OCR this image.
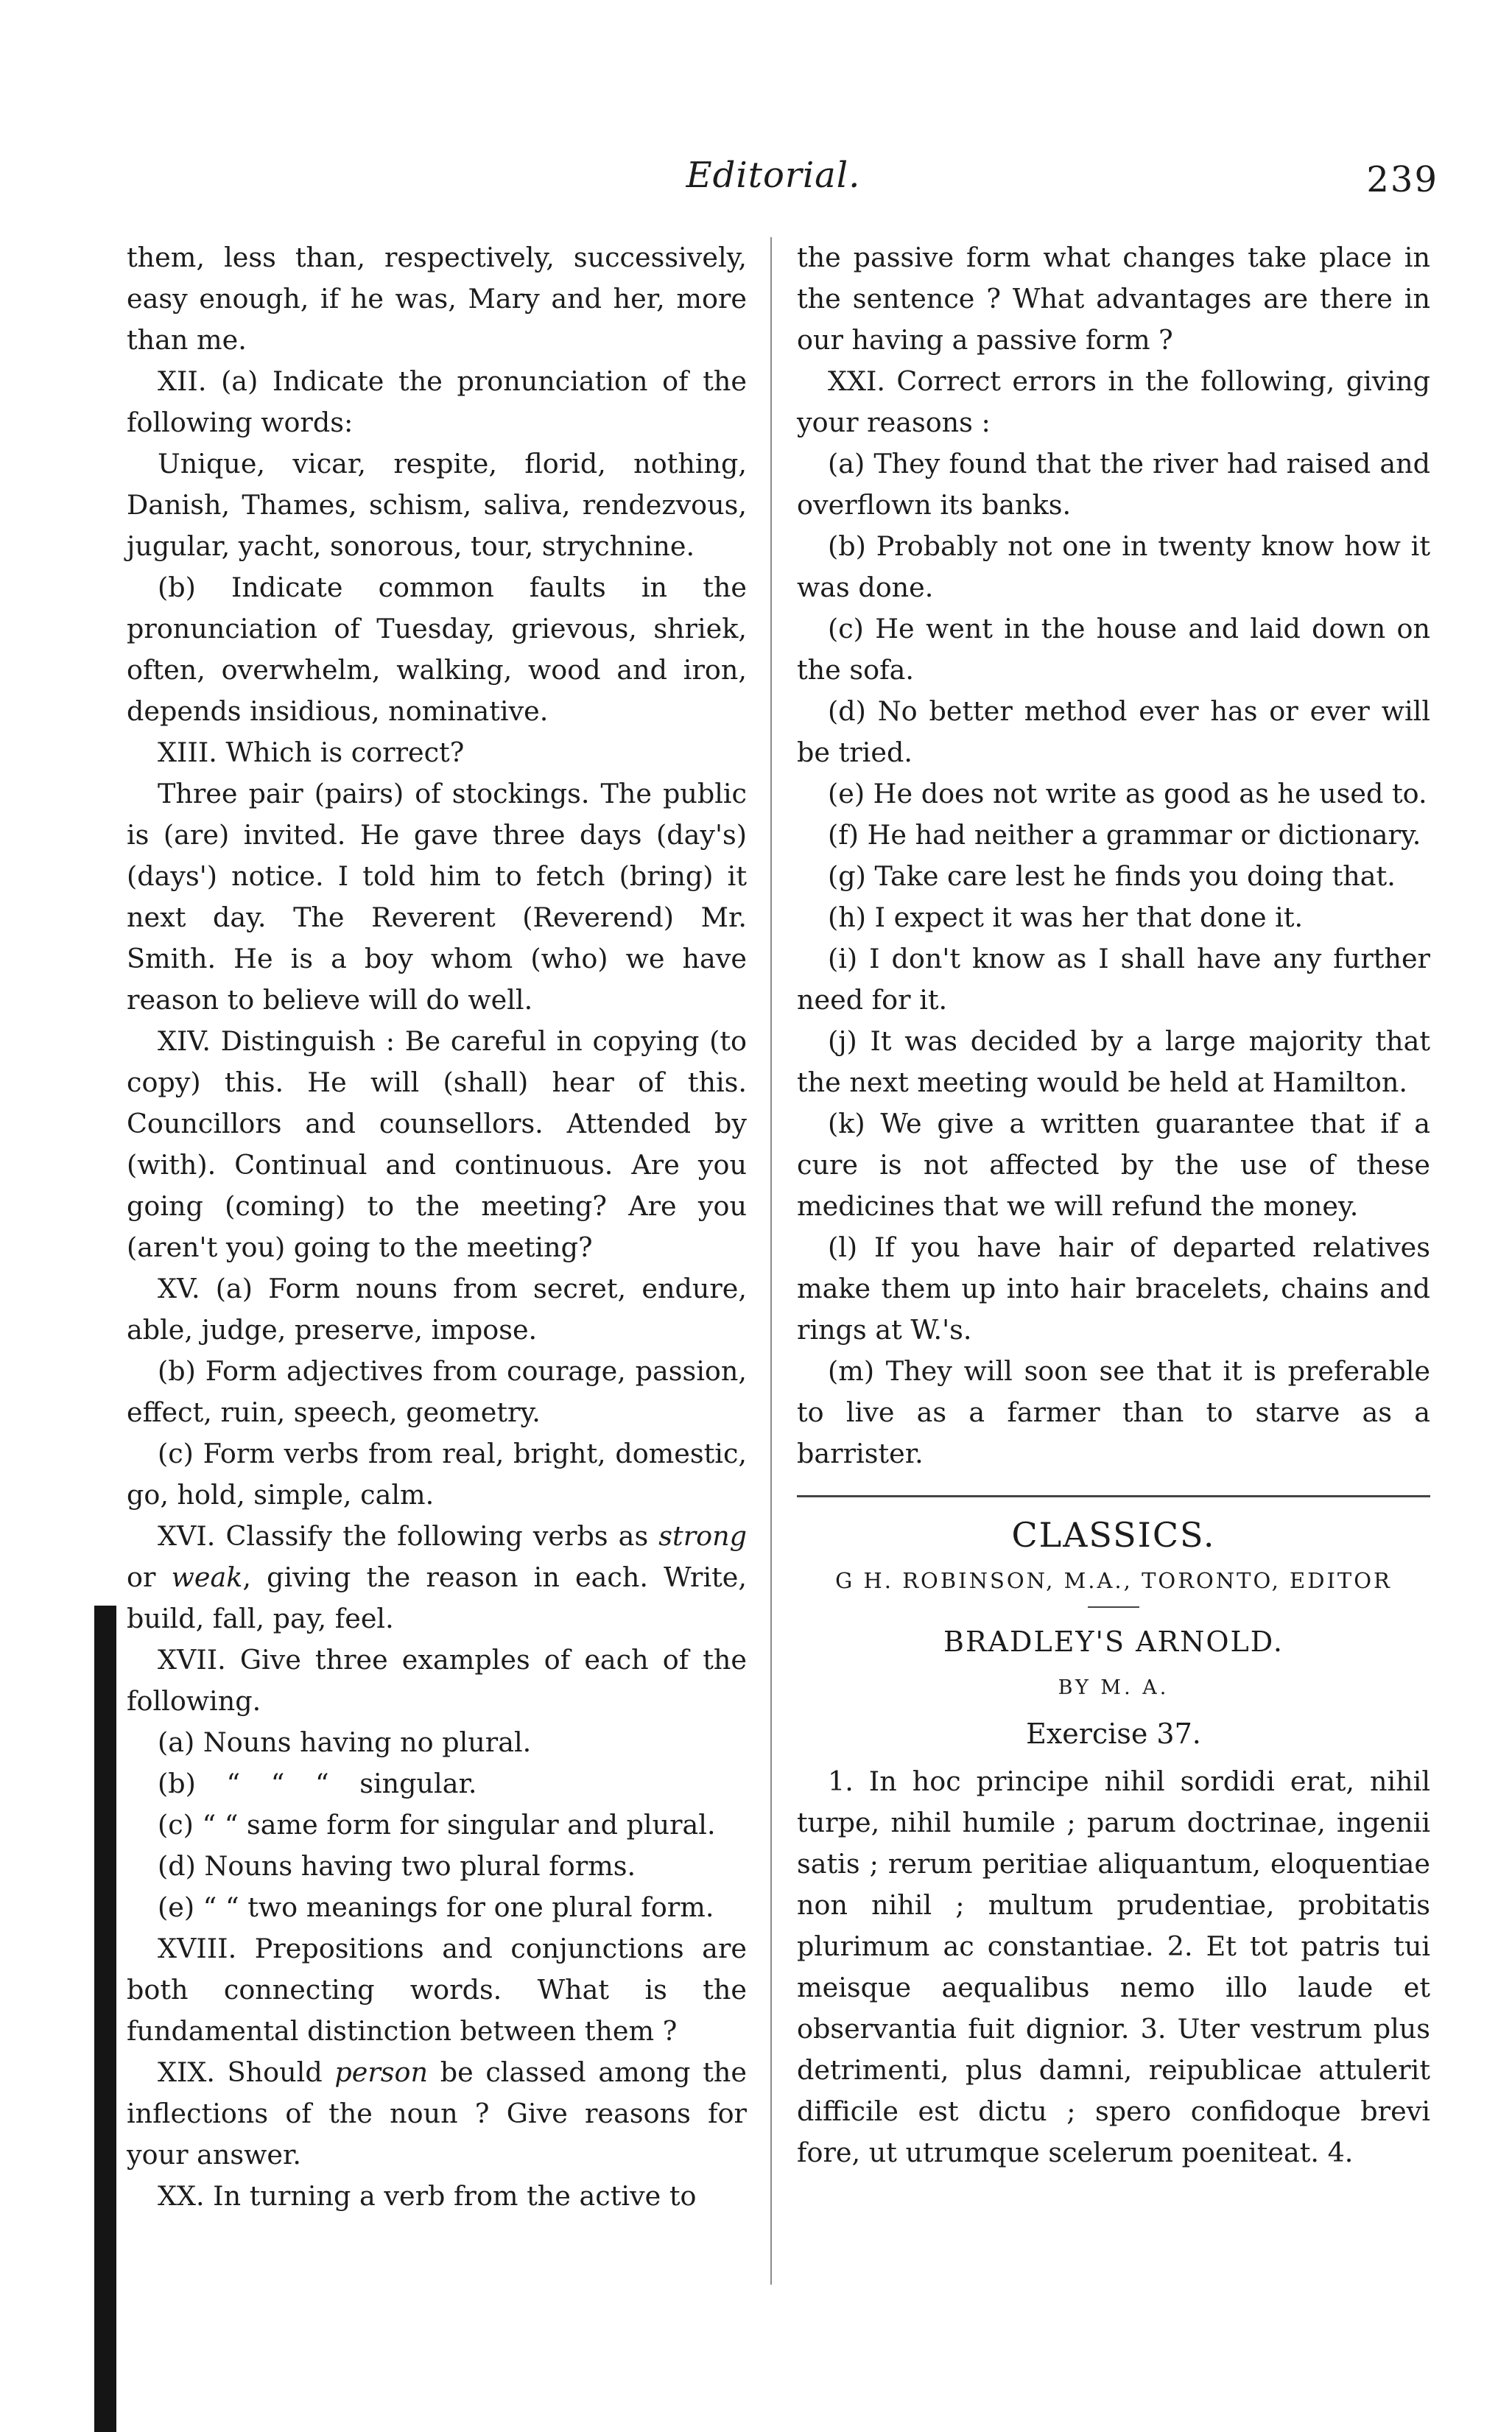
Editorial.	239

them, less than, respectively, successively, easy enough, if he was, Mary and her, more than me.

XII. (a) Indicate the pronunciation of the following words:

Unique, vicar, respite, florid, nothing, Danish, Thames, schism, saliva, rendezvous, jugular, yacht, sonorous, tour, strychnine.

(b) Indicate common faults in the pronunciation of Tuesday, grievous, shriek, often, overwhelm, walking, wood and iron, depends insidious, nominative.

XIII. Which is correct?

Three pair (pairs) of stockings. The public is (are) invited. He gave three days (day's) (days') notice. I told him to fetch (bring) it next day. The Reverent (Reverend) Mr. Smith. He is a boy whom (who) we have reason to believe will do well.

XIV. Distinguish : Be careful in copying (to copy) this. He will (shall) hear of this. Councillors and counsellors. Attended by (with). Continual and continuous. Are you going (coming) to the meeting? Are you (aren't you) going to the meeting?

XV. (a) Form nouns from secret, endure, able, judge, preserve, impose.

(b) Form adjectives from courage, passion, effect, ruin, speech, geometry.

(c) Form verbs from real, bright, domestic, go, hold, simple, calm.

XVI. Classify the following verbs as strong or weak, giving the reason in each. Write, build, fall, pay, feel.

XVII. Give three examples of each of the following.

(a) Nouns having no plural.

(b) “ “ “ singular.

(c) “ “ same form for singular and plural.

(d) Nouns having two plural forms.

(e) “ “ two meanings for one plural form.

XVIII. Prepositions and conjunctions are both connecting words. What is the fundamental distinction between them ?

XIX. Should person be classed among the inflections of the noun ? Give reasons for your answer.

XX. In turning a verb from the active to

the passive form what changes take place in the sentence ? What advantages are there in our having a passive form ?

XXI. Correct errors in the following, giving your reasons :

(a) They found that the river had raised and overflown its banks.

(b) Probably not one in twenty know how it was done.

(c) He went in the house and laid down on the sofa.

(d) No better method ever has or ever will be tried.

(e) He does not write as good as he used to.

(f) He had neither a grammar or dictionary.

(g) Take care lest he finds you doing that.

(h) I expect it was her that done it.

(i) I don't know as I shall have any further need for it.

(j) It was decided by a large majority that the next meeting would be held at Hamilton.

(k) We give a written guarantee that if a cure is not affected by the use of these medicines that we will refund the money.

(l) If you have hair of departed relatives make them up into hair bracelets, chains and rings at W.'s.

(m) They will soon see that it is preferable to live as a farmer than to starve as a barrister.

CLASSICS.
G H. ROBINSON, M.A., TORONTO, EDITOR
BRADLEY'S ARNOLD.
BY M. A.
Exercise 37.

1. In hoc principe nihil sordidi erat, nihil turpe, nihil humile ; parum doctrinae, ingenii satis ; rerum peritiae aliquantum, eloquentiae non nihil ; multum prudentiae, probitatis plurimum ac constantiae. 2. Et tot patris tui meisque aequalibus nemo illo laude et observantia fuit dignior. 3. Uter vestrum plus detrimenti, plus damni, reipublicae attulerit difficile est dictu ; spero confidoque brevi fore, ut utrumque scelerum poeniteat. 4.
